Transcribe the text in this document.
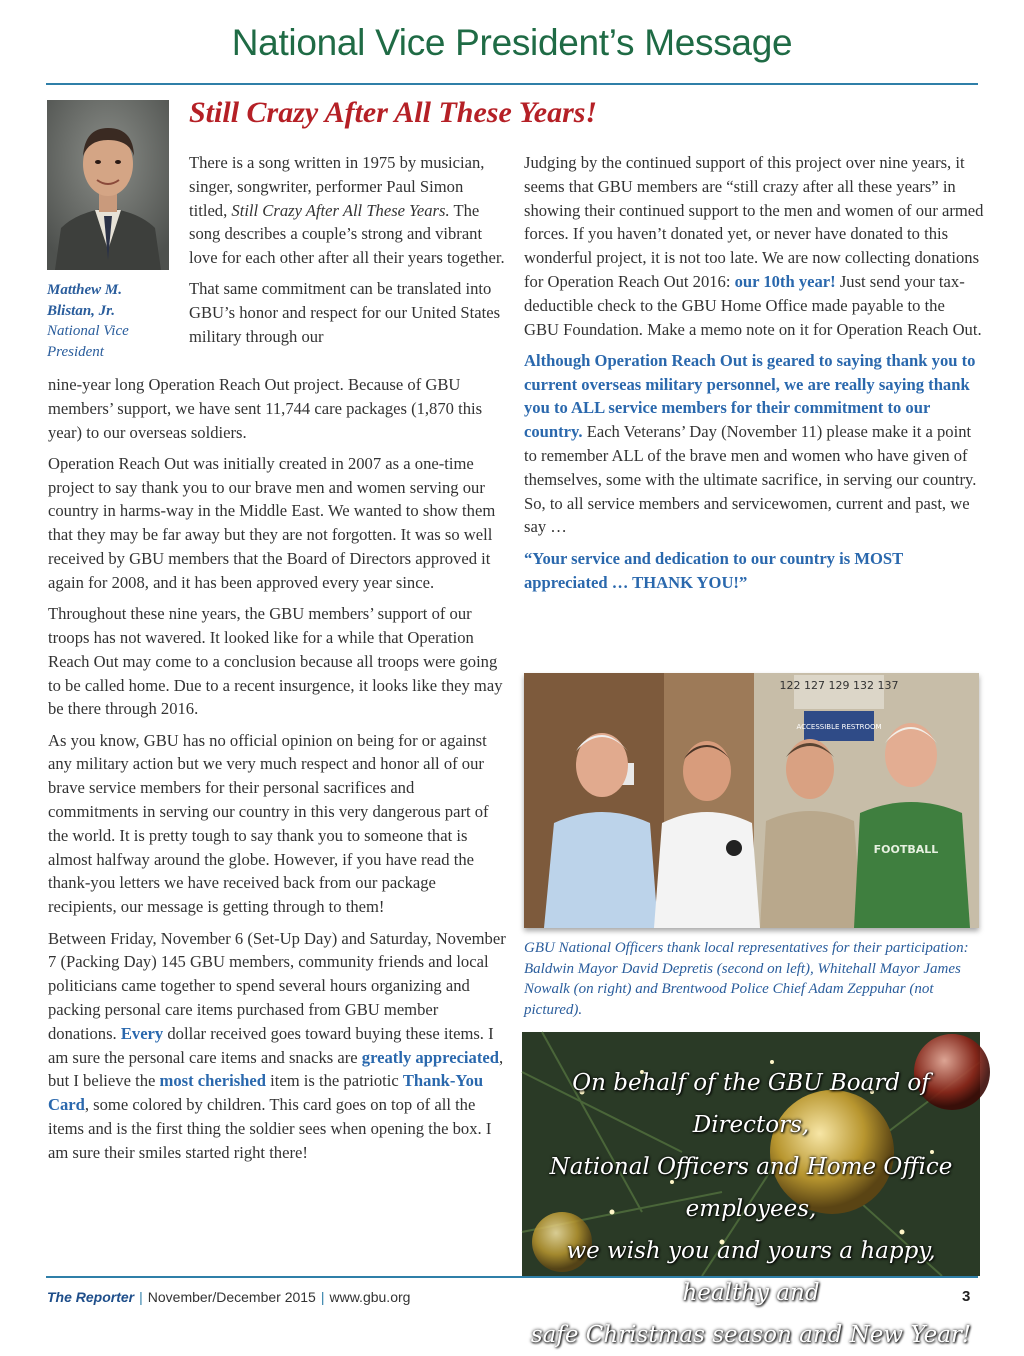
National Vice President’s Message
Matthew M. Blistan, Jr.
National Vice President
Still Crazy After All These Years!

There is a song written in 1975 by musician, singer, songwriter, performer Paul Simon titled, Still Crazy After All These Years. The song describes a couple’s strong and vibrant love for each other after all their years together.

That same commitment can be translated into GBU’s honor and respect for our United States military through our

nine-year long Operation Reach Out project. Because of GBU members’ support, we have sent 11,744 care packages (1,870 this year) to our overseas soldiers.

Operation Reach Out was initially created in 2007 as a one-time project to say thank you to our brave men and women serving our country in harms-way in the Middle East. We wanted to show them that they may be far away but they are not forgotten. It was so well received by GBU members that the Board of Directors approved it again for 2008, and it has been approved every year since.

Throughout these nine years, the GBU members’ support of our troops has not wavered. It looked like for a while that Operation Reach Out may come to a conclusion because all troops were going to be called home. Due to a recent insurgence, it looks like they may be there through 2016.

As you know, GBU has no official opinion on being for or against any military action but we very much respect and honor all of our brave service members for their personal sacrifices and commitments in serving our country in this very dangerous part of the world. It is pretty tough to say thank you to someone that is almost halfway around the globe. However, if you have read the thank-you letters we have received back from our package recipients, our message is getting through to them!

Between Friday, November 6 (Set-Up Day) and Saturday, November 7 (Packing Day) 145 GBU members, community friends and local politicians came together to spend several hours organizing and packing personal care items purchased from GBU member donations. Every dollar received goes toward buying these items. I am sure the personal care items and snacks are greatly appreciated, but I believe the most cherished item is the patriotic Thank-You Card, some colored by children. This card goes on top of all the items and is the first thing the soldier sees when opening the box. I am sure their smiles started right there!

Judging by the continued support of this project over nine years, it seems that GBU members are “still crazy after all these years” in showing their continued support to the men and women of our armed forces. If you haven’t donated yet, or never have donated to this wonderful project, it is not too late. We are now collecting donations for Operation Reach Out 2016: our 10th year! Just send your tax-deductible check to the GBU Home Office made payable to the GBU Foundation. Make a memo note on it for Operation Reach Out.

Although Operation Reach Out is geared to saying thank you to current overseas military personnel, we are really saying thank you to ALL service members for their commitment to our country. Each Veterans’ Day (November 11) please make it a point to remember ALL of the brave men and women who have given of themselves, some with the ultimate sacrifice, in serving our country. So, to all service members and servicewomen, current and past, we say …

“Your service and dedication to our country is MOST appreciated … THANK YOU!”

122 127 129 132 137
ACCESSIBLE RESTROOM
FOOTBALL
GBU National Officers thank local representatives for their participation: Baldwin Mayor David Depretis (second on left), Whitehall Mayor James Nowalk (on right) and Brentwood Police Chief Adam Zeppuhar (not pictured).
On behalf of the GBU Board of Directors,
National Officers and Home Office employees,
we wish you and yours a happy, healthy and
safe Christmas season and New Year!
The Reporter | November/December 2015 | www.gbu.org	3
